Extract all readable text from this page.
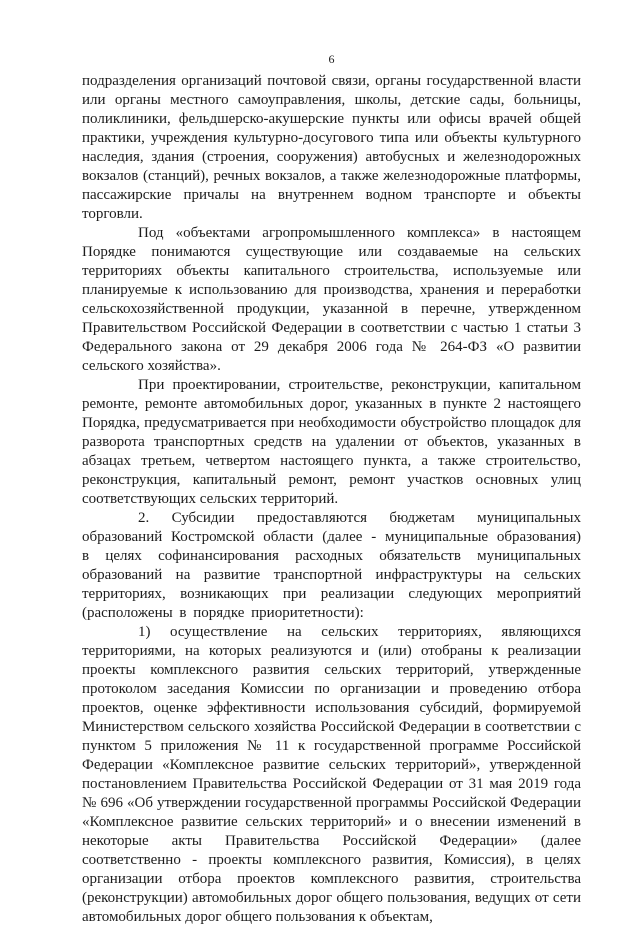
6

подразделения организаций почтовой связи, органы государственной власти или органы местного самоуправления, школы, детские сады, больницы, поликлиники, фельдшерско-акушерские пункты или офисы врачей общей практики, учреждения культурно-досугового типа или объекты культурного наследия, здания (строения, сооружения) автобусных и железнодорожных вокзалов (станций), речных вокзалов, а также железнодорожные платформы, пассажирские причалы на внутреннем водном транспорте и объекты торговли.

Под «объектами агропромышленного комплекса» в настоящем Порядке понимаются существующие или создаваемые на сельских территориях объекты капитального строительства, используемые или планируемые к использованию для производства, хранения и переработки сельскохозяйственной продукции, указанной в перечне, утвержденном Правительством Российской Федерации в соответствии с частью 1 статьи 3 Федерального закона от 29 декабря 2006 года № 264-ФЗ «О развитии сельского хозяйства».

При проектировании, строительстве, реконструкции, капитальном ремонте, ремонте автомобильных дорог, указанных в пункте 2 настоящего Порядка, предусматривается при необходимости обустройство площадок для разворота транспортных средств на удалении от объектов, указанных в абзацах третьем, четвертом настоящего пункта, а также строительство, реконструкция, капитальный ремонт, ремонт участков основных улиц соответствующих сельских территорий.

2. Субсидии предоставляются бюджетам муниципальных образований Костромской области (далее - муниципальные образования) в целях софинансирования расходных обязательств муниципальных образований на развитие транспортной инфраструктуры на сельских территориях, возникающих при реализации следующих мероприятий (расположены в порядке приоритетности):

1) осуществление на сельских территориях, являющихся территориями, на которых реализуются и (или) отобраны к реализации проекты комплексного развития сельских территорий, утвержденные протоколом заседания Комиссии по организации и проведению отбора проектов, оценке эффективности использования субсидий, формируемой Министерством сельского хозяйства Российской Федерации в соответствии с пунктом 5 приложения № 11 к государственной программе Российской Федерации «Комплексное развитие сельских территорий», утвержденной постановлением Правительства Российской Федерации от 31 мая 2019 года № 696 «Об утверждении государственной программы Российской Федерации «Комплексное развитие сельских территорий» и о внесении изменений в некоторые акты Правительства Российской Федерации» (далее соответственно - проекты комплексного развития, Комиссия), в целях организации отбора проектов комплексного развития, строительства (реконструкции) автомобильных дорог общего пользования, ведущих от сети автомобильных дорог общего пользования к объектам,
